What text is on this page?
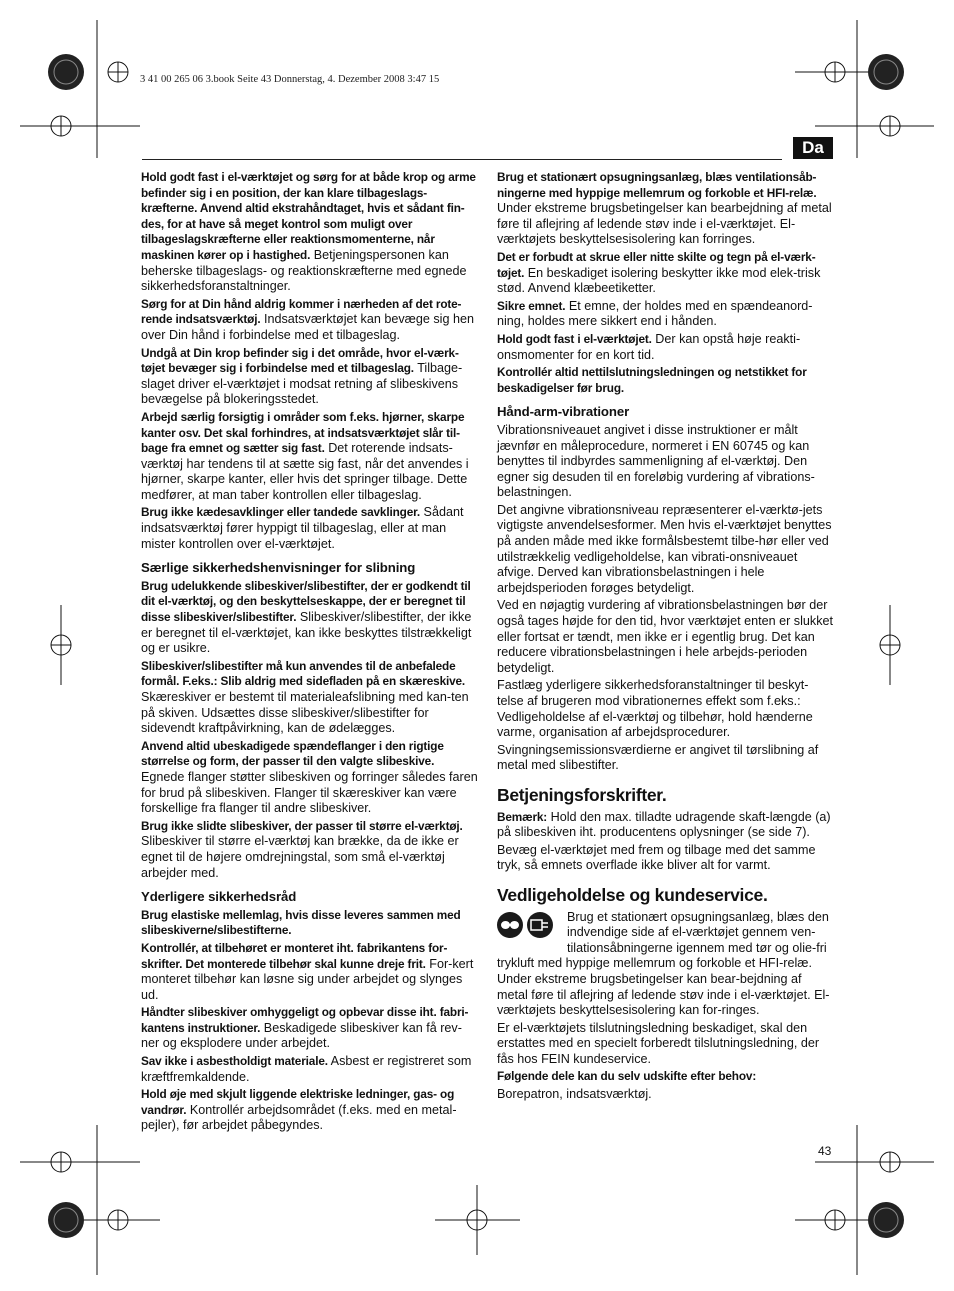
3 41 00 265 06 3.book Seite 43 Donnerstag, 4. Dezember 2008 3:47 15
Da

Hold godt fast i el-værktøjet og sørg for at både krop og arme befinder sig i en position, der kan klare tilbageslags-kræfterne. Anvend altid ekstrahåndtaget, hvis et sådant fin-des, for at have så meget kontrol som muligt over tilbageslagskræfterne eller reaktionsmomenterne, når maskinen kører op i hastighed. Betjeningspersonen kan beherske tilbageslags- og reaktionskræfterne med egnede sikkerhedsforanstaltninger.

Sørg for at Din hånd aldrig kommer i nærheden af det rote-rende indsatsværktøj. Indsatsværktøjet kan bevæge sig hen over Din hånd i forbindelse med et tilbageslag.

Undgå at Din krop befinder sig i det område, hvor el-værk-tøjet bevæger sig i forbindelse med et tilbageslag. Tilbage-slaget driver el-værktøjet i modsat retning af slibeskivens bevægelse på blokeringsstedet.

Arbejd særlig forsigtig i områder som f.eks. hjørner, skarpe kanter osv. Det skal forhindres, at indsatsværktøjet slår til-bage fra emnet og sætter sig fast. Det roterende indsats-værktøj har tendens til at sætte sig fast, når det anvendes i hjørner, skarpe kanter, eller hvis det springer tilbage. Dette medfører, at man taber kontrollen eller tilbageslag.

Brug ikke kædesavklinger eller tandede savklinger. Sådant indsatsværktøj fører hyppigt til tilbageslag, eller at man mister kontrollen over el-værktøjet.

Særlige sikkerhedshenvisninger for slibning

Brug udelukkende slibeskiver/slibestifter, der er godkendt til dit el-værktøj, og den beskyttelseskappe, der er beregnet til disse slibeskiver/slibestifter. Slibeskiver/slibestifter, der ikke er beregnet til el-værktøjet, kan ikke beskyttes tilstrækkeligt og er usikre.

Slibeskiver/slibestifter må kun anvendes til de anbefalede formål. F.eks.: Slib aldrig med sidefladen på en skæreskive. Skæreskiver er bestemt til materialeafslibning med kan-ten på skiven. Udsættes disse slibeskiver/slibestifter for sidevendt kraftpåvirkning, kan de ødelægges.

Anvend altid ubeskadigede spændeflanger i den rigtige størrelse og form, der passer til den valgte slibeskive. Egnede flanger støtter slibeskiven og forringer således faren for brud på slibeskiven. Flanger til skæreskiver kan være forskellige fra flanger til andre slibeskiver.

Brug ikke slidte slibeskiver, der passer til større el-værktøj. Slibeskiver til større el-værktøj kan brække, da de ikke er egnet til de højere omdrejningstal, som små el-værktøj arbejder med.

Yderligere sikkerhedsråd

Brug elastiske mellemlag, hvis disse leveres sammen med slibeskiverne/slibestifterne.

Kontrollér, at tilbehøret er monteret iht. fabrikantens for-skrifter. Det monterede tilbehør skal kunne dreje frit. For-kert monteret tilbehør kan løsne sig under arbejdet og slynges ud.

Håndter slibeskiver omhyggeligt og opbevar disse iht. fabri-kantens instruktioner. Beskadigede slibeskiver kan få rev-ner og eksplodere under arbejdet.

Sav ikke i asbestholdigt materiale. Asbest er registreret som kræftfremkaldende.

Hold øje med skjult liggende elektriske ledninger, gas- og vandrør. Kontrollér arbejdsområdet (f.eks. med en metal-pejler), før arbejdet påbegyndes.

Brug et stationært opsugningsanlæg, blæs ventilationsåb-ningerne med hyppige mellemrum og forkoble et HFI-relæ. Under ekstreme brugsbetingelser kan bearbejdning af metal føre til aflejring af ledende støv inde i el-værktøjet. El-værktøjets beskyttelsesisolering kan forringes.

Det er forbudt at skrue eller nitte skilte og tegn på el-værk-tøjet. En beskadiget isolering beskytter ikke mod elek-trisk stød. Anvend klæbeetiketter.

Sikre emnet. Et emne, der holdes med en spændeanord-ning, holdes mere sikkert end i hånden.

Hold godt fast i el-værktøjet. Der kan opstå høje reakti-onsmomenter for en kort tid.

Kontrollér altid nettilslutningsledningen og netstikket for beskadigelser før brug.

Hånd-arm-vibrationer

Vibrationsniveauet angivet i disse instruktioner er målt jævnfør en måleprocedure, normeret i EN 60745 og kan benyttes til indbyrdes sammenligning af el-værktøj. Den egner sig desuden til en foreløbig vurdering af vibrations-belastningen.

Det angivne vibrationsniveau repræsenterer el-værktø-jets vigtigste anvendelsesformer. Men hvis el-værktøjet benyttes på anden måde med ikke formålsbestemt tilbe-hør eller ved utilstrækkelig vedligeholdelse, kan vibrati-onsniveauet afvige. Derved kan vibrationsbelastningen i hele arbejdsperioden forøges betydeligt.

Ved en nøjagtig vurdering af vibrationsbelastningen bør der også tages højde for den tid, hvor værktøjet enten er slukket eller fortsat er tændt, men ikke er i egentlig brug. Det kan reducere vibrationsbelastningen i hele arbejds-perioden betydeligt.

Fastlæg yderligere sikkerhedsforanstaltninger til beskyt-telse af brugeren mod vibrationernes effekt som f.eks.: Vedligeholdelse af el-værktøj og tilbehør, hold hænderne varme, organisation af arbejdsprocedurer.

Svingningsemissionsværdierne er angivet til tørslibning af metal med slibestifter.

Betjeningsforskrifter.

Bemærk: Hold den max. tilladte udragende skaft-længde (a) på slibeskiven iht. producentens oplysninger (se side 7).

Bevæg el-værktøjet med frem og tilbage med det samme tryk, så emnets overflade ikke bliver alt for varmt.

Vedligeholdelse og kundeservice.

Brug et stationært opsugningsanlæg, blæs den indvendige side af el-værktøjet gennem ven-tilationsåbningerne igennem med tør og olie-fri trykluft med hyppige mellemrum og forkoble et HFI-relæ. Under ekstreme brugsbetingelser kan bear-bejdning af metal føre til aflejring af ledende støv inde i el-værktøjet. El-værktøjets beskyttelsesisolering kan for-ringes.

Er el-værktøjets tilslutningsledning beskadiget, skal den erstattes med en specielt forberedt tilslutningsledning, der fås hos FEIN kundeservice.

Følgende dele kan du selv udskifte efter behov:

Borepatron, indsatsværktøj.

43
